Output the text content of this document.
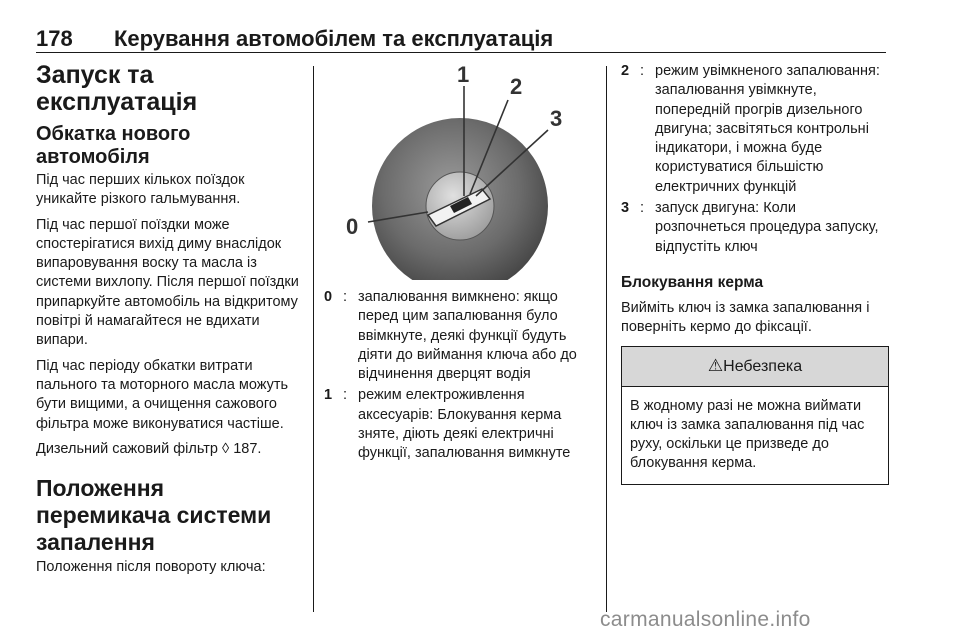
178 Керування автомобілем та експлуатація
Запуск та експлуатація
Обкатка нового автомобіля

Під час перших кількох поїздок уникайте різкого гальмування.

Під час першої поїздки може спостерігатися вихід диму внаслідок випаровування воску та масла із системи вихлопу. Після першої поїздки припаркуйте автомобіль на відкритому повітрі й намагайтеся не вдихати випари.

Під час періоду обкатки витрати пального та моторного масла можуть бути вищими, а очищення сажового фільтра може виконуватися частіше.

Дизельний сажовий фільтр ◊ 187.

Положення перемикача системи запалення

Положення після повороту ключа:

1 2
3
0
0 : запалювання вимкнено: якщо перед цим запалювання було ввімкнуте, деякі функції будуть діяти до виймання ключа або до відчинення дверцят водія
1 : режим електроживлення аксесуарів: Блокування керма зняте, діють деякі електричні функції, запалювання вимкнуте
2 : режим увімкненого запалювання: запалювання увімкнуте, попередній прогрів дизельного двигуна; засвітяться контрольні індикатори, і можна буде користуватися більшістю електричних функцій
3 : запуск двигуна: Коли розпочнеться процедура запуску, відпустіть ключ
Блокування керма

Вийміть ключ із замка запалювання і поверніть кермо до фіксації.

⚠Небезпека
В жодному разі не можна виймати ключ із замка запалювання під час руху, оскільки це призведе до блокування керма.
carmanualsonline.info
